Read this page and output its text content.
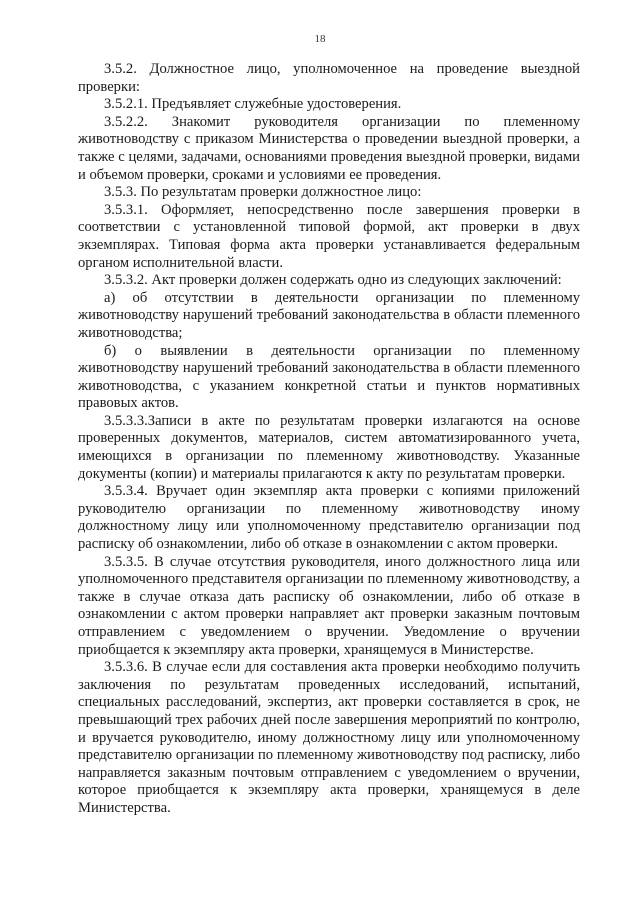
18

3.5.2. Должностное лицо, уполномоченное на проведение выездной проверки:

3.5.2.1. Предъявляет служебные удостоверения.

3.5.2.2. Знакомит руководителя организации по племенному животноводству с приказом Министерства о проведении выездной проверки, а также с целями, задачами, основаниями проведения выездной проверки, видами и объемом проверки, сроками и условиями ее проведения.

3.5.3. По результатам проверки должностное лицо:

3.5.3.1. Оформляет, непосредственно после завершения проверки в соответствии с установленной типовой формой, акт проверки в двух экземплярах. Типовая форма акта проверки устанавливается федеральным органом исполнительной власти.

3.5.3.2. Акт проверки должен содержать одно из следующих заключений:

а) об отсутствии в деятельности организации по племенному животноводству нарушений требований законодательства в области племенного животноводства;

б) о выявлении в деятельности организации по племенному животноводству нарушений требований законодательства в области племенного животноводства, с указанием конкретной статьи и пунктов нормативных правовых актов.

3.5.3.3.Записи в акте по результатам проверки излагаются на основе проверенных документов, материалов, систем автоматизированного учета, имеющихся в организации по племенному животноводству. Указанные документы (копии) и материалы прилагаются к акту по результатам проверки.

3.5.3.4. Вручает один экземпляр акта проверки с копиями приложений руководителю организации по племенному животноводству иному должностному лицу или уполномоченному представителю организации под расписку об ознакомлении, либо об отказе в ознакомлении с актом проверки.

3.5.3.5. В случае отсутствия руководителя, иного должностного лица или уполномоченного представителя организации по племенному животноводству, а также в случае отказа дать расписку об ознакомлении, либо об отказе в ознакомлении с актом проверки направляет акт проверки заказным почтовым отправлением с уведомлением о вручении. Уведомление о вручении приобщается к экземпляру акта проверки, хранящемуся в Министерстве.

3.5.3.6. В случае если для составления акта проверки необходимо получить заключения по результатам проведенных исследований, испытаний, специальных расследований, экспертиз, акт проверки составляется в срок, не превышающий трех рабочих дней после завершения мероприятий по контролю, и вручается руководителю, иному должностному лицу или уполномоченному представителю организации по племенному животноводству под расписку, либо направляется заказным почтовым отправлением с уведомлением о вручении, которое приобщается к экземпляру акта проверки, хранящемуся в деле Министерства.
